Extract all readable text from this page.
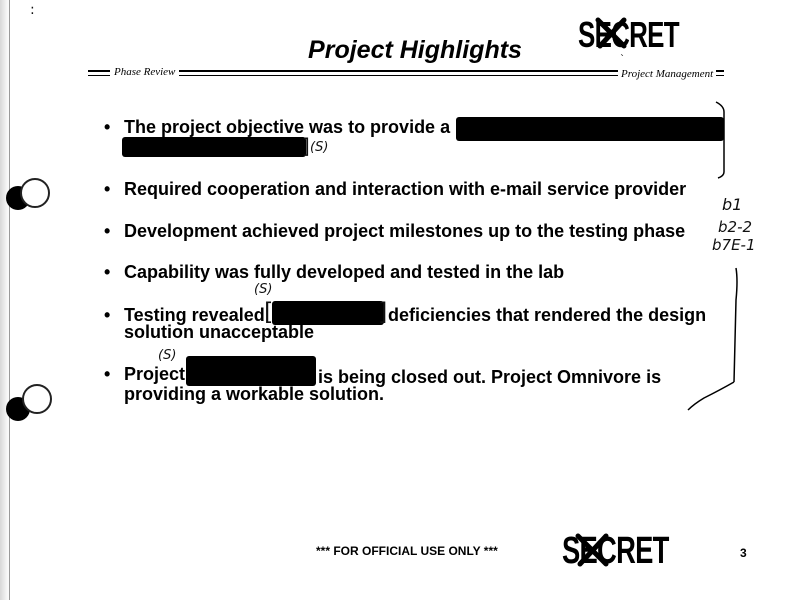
:
SECRET
`
Project Highlights
Phase Review	Project Management
• The project objective was to provide a
] (S)
• Required cooperation and interaction with e-mail service provider
• Development achieved project milestones up to the testing phase
• Capability was fully developed and tested in the lab
(S)
• Testing revealed [	] deficiencies that rendered the design
solution unacceptable
(S)
• Project	is being closed out. Project Omnivore is
providing a workable solution.
b1
b2-2
b7E-1
*** FOR OFFICIAL USE ONLY *** SECRET	3
